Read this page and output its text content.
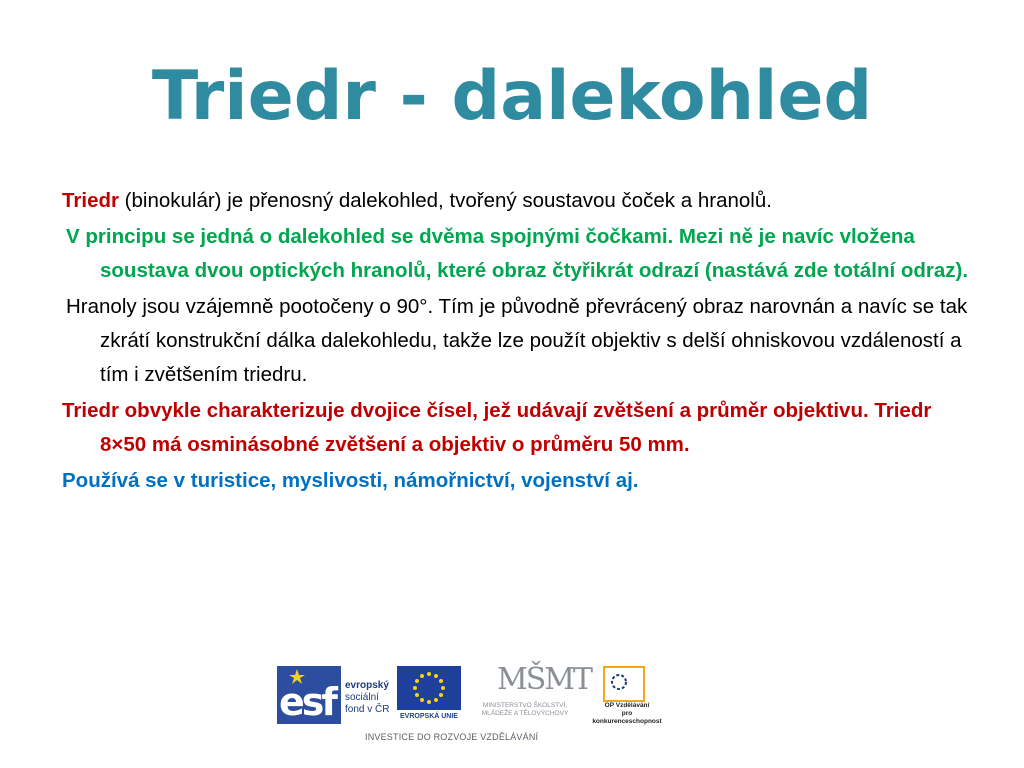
Triedr - dalekohled

Triedr (binokulár) je přenosný dalekohled, tvořený soustavou čoček a hranolů.

V principu se jedná o dalekohled se dvěma spojnými čočkami. Mezi ně je navíc vložena soustava dvou optických hranolů, které obraz čtyřikrát odrazí (nastává zde totální odraz).

Hranoly jsou vzájemně pootočeny o 90°. Tím je původně převrácený obraz narovnán a navíc se tak zkrátí konstrukční dálka dalekohledu, takže lze použít objektiv s delší ohniskovou vzdáleností a tím i zvětšením triedru.

Triedr obvykle charakterizuje dvojice čísel, jež udávají zvětšení a průměr objektivu. Triedr 8×50 má osminásobné zvětšení a objektiv o průměru 50 mm.

Používá se v turistice, myslivosti, námořnictví, vojenství aj.

esf evropský
sociální
fond v ČR
EVROPSKÁ UNIE
MŠMT
MINISTERSTVO ŠKOLSTVÍ,
MLÁDEŽE A TĚLOVÝCHOVY
OP Vzdělávání
pro konkurenceschopnost
INVESTICE DO ROZVOJE VZDĚLÁVÁNÍ
